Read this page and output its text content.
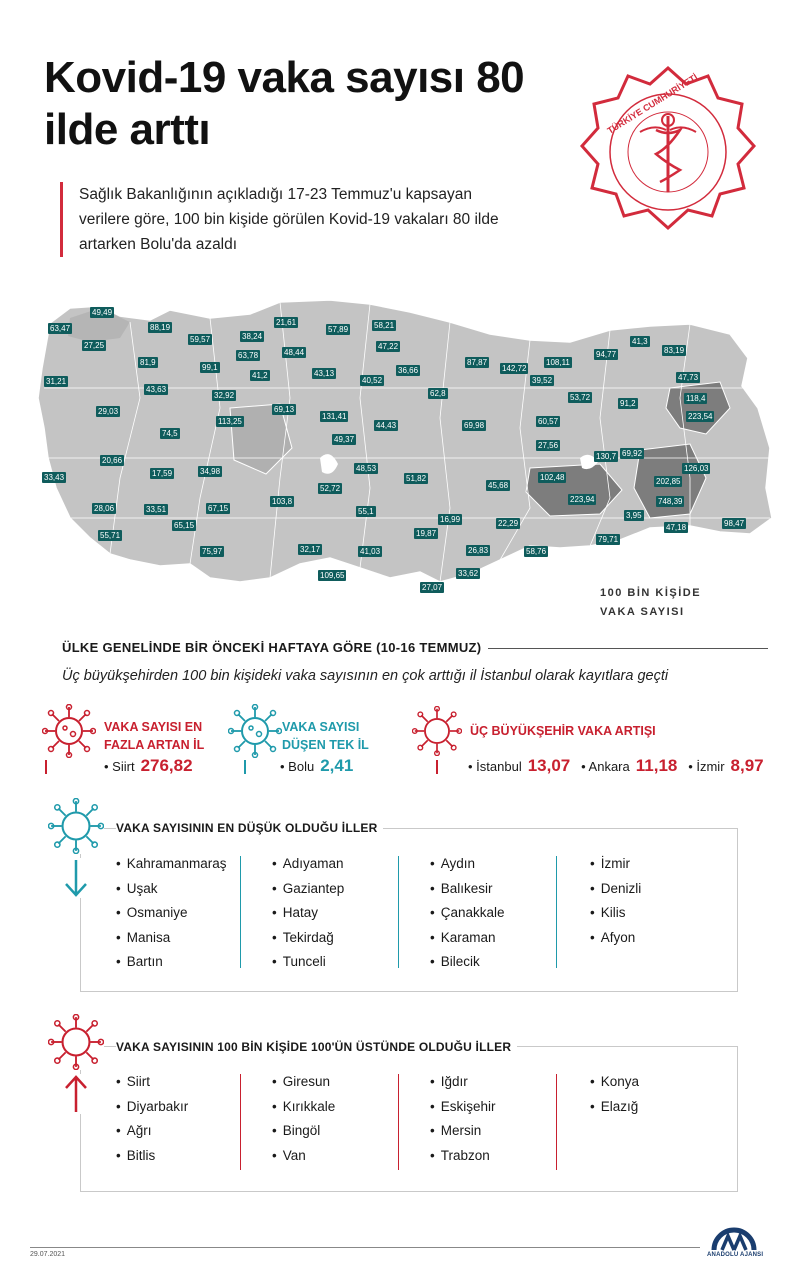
Kovid-19 vaka sayısı 80 ilde arttı
Sağlık Bakanlığının açıkladığı 17-23 Temmuz'u kapsayan verilere göre, 100 bin kişide görülen Kovid-19 vakaları 80 ilde artarken Bolu'da azaldı
TÜRKİYE CUMHURİYETİ
63,47
49,49
27,25
88,19
59,57	38,24
21,61
57,89	58,21
47,22
81,9
99,1
63,78	48,44
41,2	43,13
40,52
36,66
87,87
142,72
108,11
94,77
41,3
83,19
31,21
43,63
32,92
69,13
62,8
39,52
53,72
91,2
47,73
29,03
74,5
113,25
131,41
44,43	69,98	60,57
118,4
223,54
49,37
27,56
130,7 69,92
126,03
20,66
17,59	34,98	48,53
51,82
45,68
102,48
33,43
28,06	33,51	67,15
103,8
52,72
55,1
223,94
202,85
748,39
65,15
16,99	22,29
3,95
47,18	98,47
55,71
75,97	32,17	41,03
19,87
26,83	58,76
79,71
109,65	33,62
27,07	100 BİN KİŞİDE
VAKA SAYISI
ÜLKE GENELİNDE BİR ÖNCEKİ HAFTAYA GÖRE (10-16 TEMMUZ)
Üç büyükşehirden 100 bin kişideki vaka sayısının en çok arttığı il İstanbul olarak kayıtlara geçti
VAKA SAYISI EN
FAZLA ARTAN İL
• Siirt 276,82
VAKA SAYISI
DÜŞEN TEK İL
• Bolu 2,41
ÜÇ BÜYÜKŞEHİR VAKA ARTIŞI
• İstanbul 13,07   • Ankara 11,18   • İzmir 8,97
VAKA SAYISININ EN DÜŞÜK OLDUĞU İLLER
• Kahramanmaraş
• Uşak
• Osmaniye
• Manisa
• Bartın
• Adıyaman
• Gaziantep
• Hatay
• Tekirdağ
• Tunceli
• Aydın
• Balıkesir
• Çanakkale
• Karaman
• Bilecik
• İzmir
• Denizli
• Kilis
• Afyon
VAKA SAYISININ 100 BİN KİŞİDE 100'ÜN ÜSTÜNDE OLDUĞU İLLER
• Siirt
• Diyarbakır
• Ağrı
• Bitlis
• Giresun
• Kırıkkale
• Bingöl
• Van
• Iğdır
• Eskişehir
• Mersin
• Trabzon
• Konya
• Elazığ
29.07.2021	ANADOLU AJANSI
